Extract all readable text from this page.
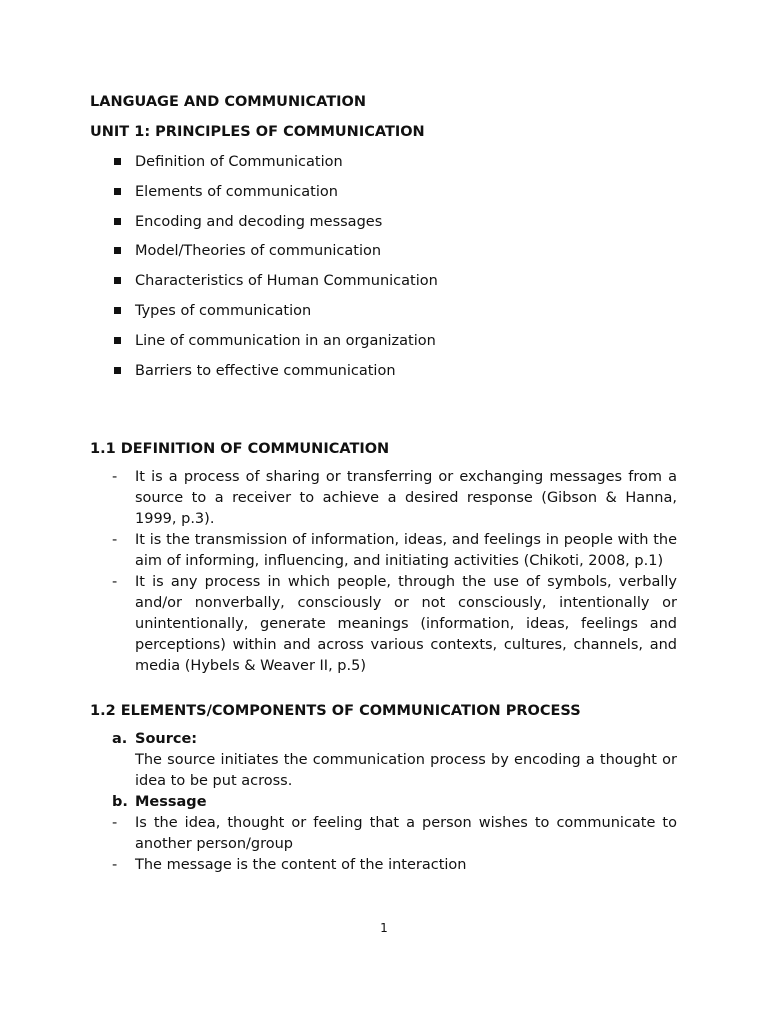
LANGUAGE AND COMMUNICATION

UNIT 1: PRINCIPLES OF COMMUNICATION

Definition of Communication
Elements of communication
Encoding and decoding messages
Model/Theories of communication
Characteristics of Human Communication
Types of communication
Line of communication in an organization
Barriers to effective communication

1.1 DEFINITION OF COMMUNICATION

- It is a process of sharing or transferring or exchanging messages from a source to a receiver to achieve a desired response (Gibson & Hanna, 1999, p.3).
- It is the transmission of information, ideas, and feelings in people with the aim of informing, influencing, and initiating activities (Chikoti, 2008, p.1)
- It is any process in which people, through the use of symbols, verbally and/or nonverbally, consciously or not consciously, intentionally or unintentionally, generate meanings (information, ideas, feelings and perceptions) within and across various contexts, cultures, channels, and media (Hybels & Weaver II, p.5)

1.2 ELEMENTS/COMPONENTS OF COMMUNICATION PROCESS

a. Source:
The source initiates the communication process by encoding a thought or idea to be put across.
b. Message
- Is the idea, thought or feeling that a person wishes to communicate to another person/group
- The message is the content of the interaction
1
